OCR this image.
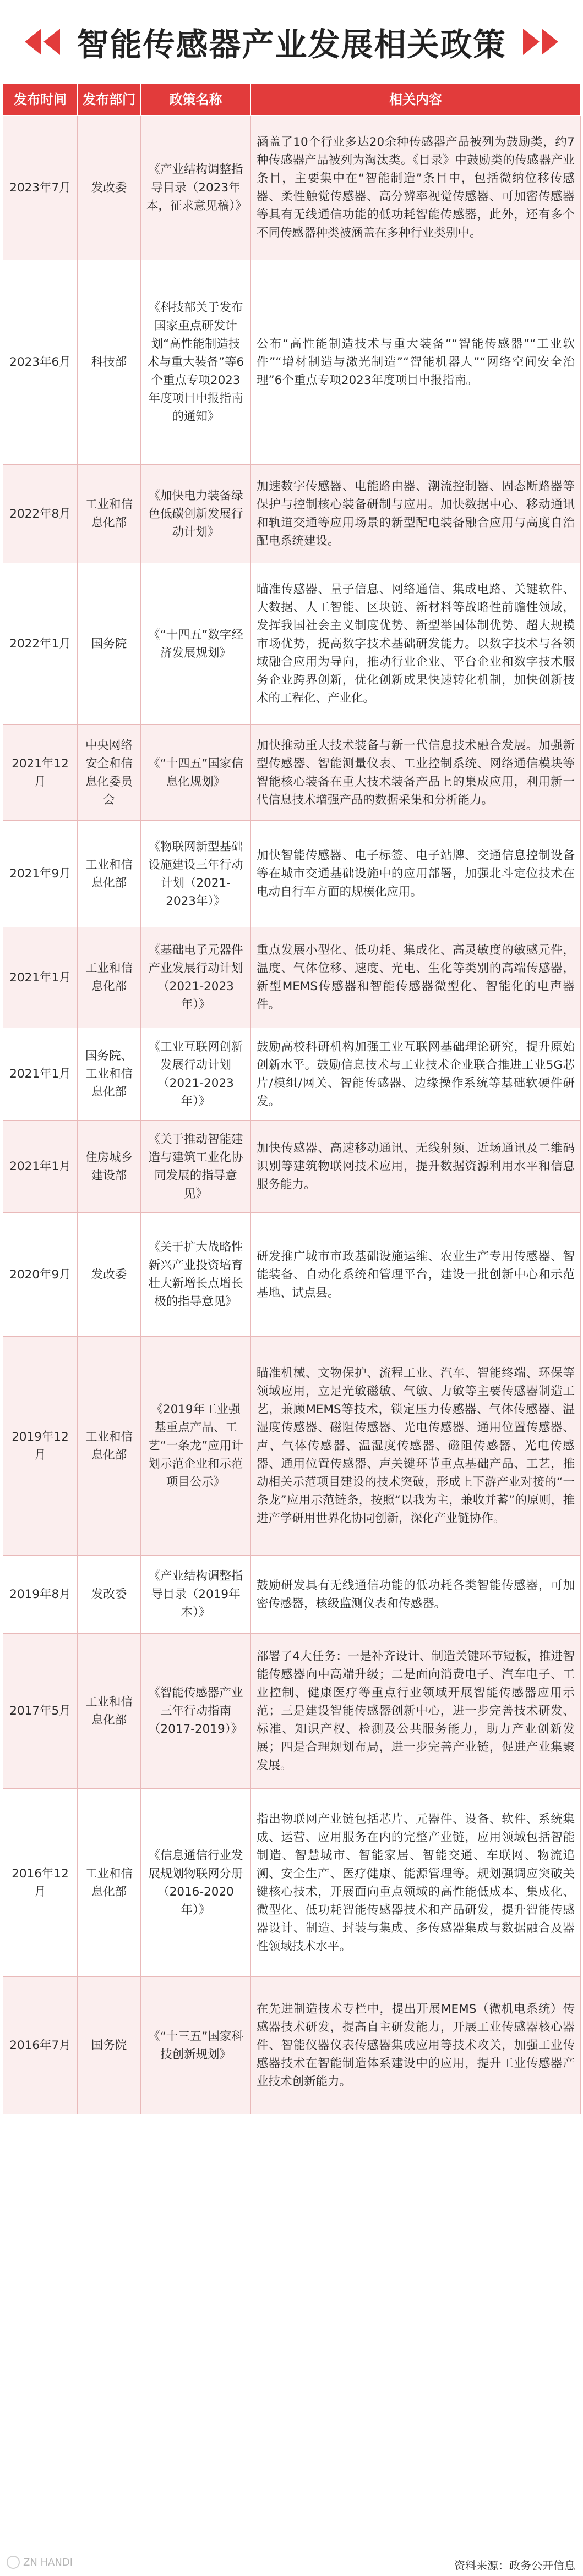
智能传感器产业发展相关政策
发布时间	发布部门	政策名称	相关内容
2023年7月	发改委	《产业结构调整指导目录（2023年本，征求意见稿）》	涵盖了10个行业多达20余种传感器产品被列为鼓励类，约7种传感器产品被列为淘汰类。《目录》中鼓励类的传感器产业条目，主要集中在“智能制造”条目中，包括微纳位移传感器、柔性触觉传感器、高分辨率视觉传感器、可加密传感器等具有无线通信功能的低功耗智能传感器，此外，还有多个不同传感器种类被涵盖在多种行业类别中。
2023年6月	科技部	《科技部关于发布国家重点研发计划“高性能制造技术与重大装备”等6个重点专项2023年度项目申报指南的通知》	公布“高性能制造技术与重大装备”“智能传感器”“工业软件”“增材制造与激光制造”“智能机器人”“网络空间安全治理”6个重点专项2023年度项目申报指南。
2022年8月	工业和信息化部	《加快电力装备绿色低碳创新发展行动计划》	加速数字传感器、电能路由器、潮流控制器、固态断路器等保护与控制核心装备研制与应用。加快数据中心、移动通讯和轨道交通等应用场景的新型配电装备融合应用与高度自治配电系统建设。
2022年1月	国务院	《“十四五”数字经济发展规划》	瞄准传感器、量子信息、网络通信、集成电路、关键软件、大数据、人工智能、区块链、新材料等战略性前瞻性领域，发挥我国社会主义制度优势、新型举国体制优势、超大规模市场优势，提高数字技术基础研发能力。以数字技术与各领域融合应用为导向，推动行业企业、平台企业和数字技术服务企业跨界创新，优化创新成果快速转化机制，加快创新技术的工程化、产业化。
2021年12月	中央网络安全和信息化委员会	《“十四五”国家信息化规划》	加快推动重大技术装备与新一代信息技术融合发展。加强新型传感器、智能测量仪表、工业控制系统、网络通信模块等智能核心装备在重大技术装备产品上的集成应用，利用新一代信息技术增强产品的数据采集和分析能力。
2021年9月	工业和信息化部	《物联网新型基础设施建设三年行动计划（2021-2023年）》	加快智能传感器、电子标签、电子站牌、交通信息控制设备等在城市交通基础设施中的应用部署，加强北斗定位技术在电动自行车方面的规模化应用。
2021年1月	工业和信息化部	《基础电子元器件产业发展行动计划（2021-2023年）》	重点发展小型化、低功耗、集成化、高灵敏度的敏感元件，温度、气体位移、速度、光电、生化等类别的高端传感器，新型MEMS传感器和智能传感器微型化、智能化的电声器件。
2021年1月	国务院、工业和信息化部	《工业互联网创新发展行动计划（2021-2023年）》	鼓励高校科研机构加强工业互联网基础理论研究，提升原始创新水平。鼓励信息技术与工业技术企业联合推进工业5G芯片/模组/网关、智能传感器、边缘操作系统等基础软硬件研发。
2021年1月	住房城乡建设部	《关于推动智能建造与建筑工业化协同发展的指导意见》	加快传感器、高速移动通讯、无线射频、近场通讯及二维码识别等建筑物联网技术应用，提升数据资源利用水平和信息服务能力。
2020年9月	发改委	《关于扩大战略性新兴产业投资培育壮大新增长点增长极的指导意见》	研发推广城市市政基础设施运维、农业生产专用传感器、智能装备、自动化系统和管理平台，建设一批创新中心和示范基地、试点县。
2019年12月	工业和信息化部	《2019年工业强基重点产品、工艺“一条龙”应用计划示范企业和示范项目公示》	瞄准机械、文物保护、流程工业、汽车、智能终端、环保等领域应用，立足光敏磁敏、气敏、力敏等主要传感器制造工艺，兼顾MEMS等技术，锁定压力传感器、气体传感器、温湿度传感器、磁阻传感器、光电传感器、通用位置传感器、声、气体传感器、温湿度传感器、磁阻传感器、光电传感器、通用位置传感器、声关键环节重点基础产品、工艺，推动相关示范项目建设的技术突破，形成上下游产业对接的“一条龙”应用示范链条，按照“以我为主，兼收并蓄”的原则，推进产学研用世界化协同创新，深化产业链协作。
2019年8月	发改委	《产业结构调整指导目录（2019年本）》	鼓励研发具有无线通信功能的低功耗各类智能传感器，可加密传感器，核级监测仪表和传感器。
2017年5月	工业和信息化部	《智能传感器产业三年行动指南（2017-2019）》	部署了4大任务：一是补齐设计、制造关键环节短板，推进智能传感器向中高端升级；二是面向消费电子、汽车电子、工业控制、健康医疗等重点行业领域开展智能传感器应用示范；三是建设智能传感器创新中心，进一步完善技术研发、标准、知识产权、检测及公共服务能力，助力产业创新发展；四是合理规划布局，进一步完善产业链，促进产业集聚发展。
2016年12月	工业和信息化部	《信息通信行业发展规划物联网分册（2016-2020年）》	指出物联网产业链包括芯片、元器件、设备、软件、系统集成、运营、应用服务在内的完整产业链，应用领域包括智能制造、智慧城市、智能家居、智能交通、车联网、物流追溯、安全生产、医疗健康、能源管理等。规划强调应突破关键核心技术，开展面向重点领域的高性能低成本、集成化、微型化、低功耗智能传感器技术和产品研发，提升智能传感器设计、制造、封装与集成、多传感器集成与数据融合及器性领域技术水平。
2016年7月	国务院	《“十三五”国家科技创新规划》	在先进制造技术专栏中，提出开展MEMS（微机电系统）传感器技术研发，提高自主研发能力，开展工业传感器核心器件、智能仪器仪表传感器集成应用等技术攻关，加强工业传感器技术在智能制造体系建设中的应用，提升工业传感器产业技术创新能力。
ZN HANDI	资料来源：政务公开信息
